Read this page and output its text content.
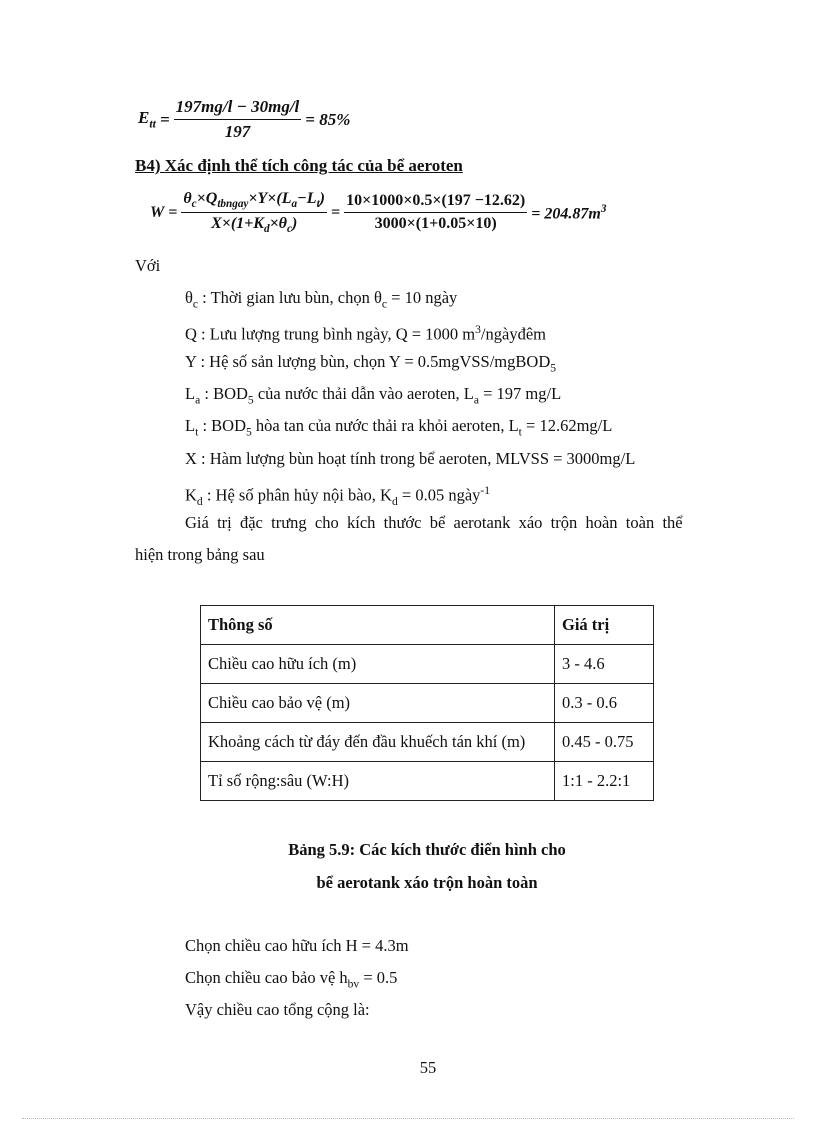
$E_{tt} = \frac{197mg/l - 30mg/l}{197} = 85\%$
B4) Xác định thể tích công tác của bể aeroten
$W = \frac{\theta_c\times Q_{tbngay}\times Y\times(L_a-L_t)}{X\times(1+K_d\times\theta_c)} = \frac{10\times 1000\times 0.5\times(197 -12.62)}{3000\times(1+0.05\times 10)} = 204.87m^3$
Với
$\theta_c$ : Thời gian lưu bùn, chọn $\theta_c = 10$ ngày
Q : Lưu lượng trung bình ngày, Q = 1000 $m^3$/ngàyđêm
Y : Hệ số sản lượng bùn, chọn Y = 0.5mgVSS/mgBOD$_5$
$L_a$ : $BOD_5$ của nước thải dẫn vào aeroten, $L_a = 197$ mg/L
$L_t$ : $BOD_5$ hòa tan của nước thải ra khỏi aeroten, $L_t = 12.62mg/L$
X : Hàm lượng bùn hoạt tính trong bể aeroten, MLVSS = 3000mg/L
$K_d$ : Hệ số phân hủy nội bào, $K_d = 0.05$ ngày$^{-1}$
Giá  trị  đặc  trưng  cho  kích  thước  bể  aerotank  xáo  trộn  hoàn  toàn  thể
hiện trong bảng sau
Thông số	Giá trị
Chiều cao hữu ích (m)	3 - 4.6
Chiều cao bảo vệ (m)	0.3 - 0.6
Khoảng cách từ đáy đến đầu khuếch tán khí (m)	0.45 - 0.75
Tỉ số rộng:sâu (W:H)	1:1 - 2.2:1
Bảng 5.9: Các kích thước điển hình cho
bể aerotank xáo trộn hoàn toàn
Chọn chiều cao hữu ích H = 4.3m
Chọn chiều cao bảo vệ $h_{bv} = 0.5$
Vậy chiều cao tổng cộng là:
55
